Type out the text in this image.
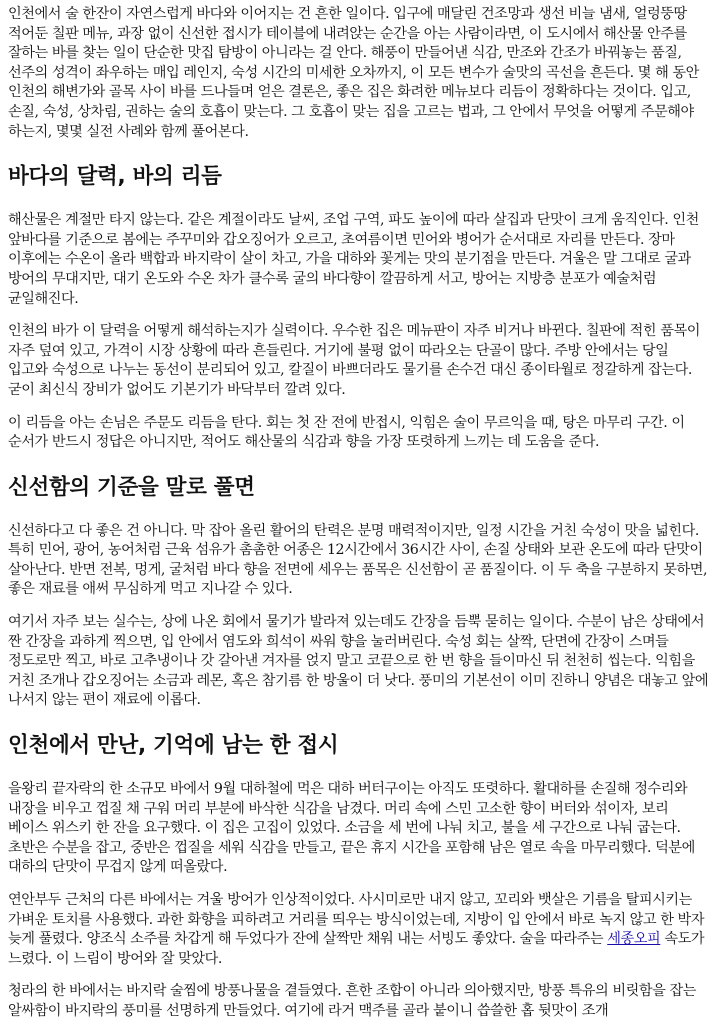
인천에서 술 한잔이 자연스럽게 바다와 이어지는 건 흔한 일이다. 입구에 매달린 건조망과 생선 비늘 냄새, 얼렁뚱땅 적어둔 칠판 메뉴, 과장 없이 신선한 접시가 테이블에 내려앉는 순간을 아는 사람이라면, 이 도시에서 해산물 안주를 잘하는 바를 찾는 일이 단순한 맛집 탐방이 아니라는 걸 안다. 해풍이 만들어낸 식감, 만조와 간조가 바꿔놓는 품질, 선주의 성격이 좌우하는 매입 레인지, 숙성 시간의 미세한 오차까지, 이 모든 변수가 술맛의 곡선을 흔든다. 몇 해 동안 인천의 해변가와 골목 사이 바를 드나들며 얻은 결론은, 좋은 집은 화려한 메뉴보다 리듬이 정확하다는 것이다. 입고, 손질, 숙성, 상차림, 권하는 술의 호흡이 맞는다. 그 호흡이 맞는 집을 고르는 법과, 그 안에서 무엇을 어떻게 주문해야 하는지, 몇몇 실전 사례와 함께 풀어본다.

바다의 달력, 바의 리듬

해산물은 계절만 타지 않는다. 같은 계절이라도 날씨, 조업 구역, 파도 높이에 따라 살집과 단맛이 크게 움직인다. 인천 앞바다를 기준으로 봄에는 주꾸미와 갑오징어가 오르고, 초여름이면 민어와 병어가 순서대로 자리를 만든다. 장마 이후에는 수온이 올라 백합과 바지락이 살이 차고, 가을 대하와 꽃게는 맛의 분기점을 만든다. 겨울은 말 그대로 굴과 방어의 무대지만, 대기 온도와 수온 차가 클수록 굴의 바다향이 깔끔하게 서고, 방어는 지방층 분포가 예술처럼 균일해진다.

인천의 바가 이 달력을 어떻게 해석하는지가 실력이다. 우수한 집은 메뉴판이 자주 비거나 바뀐다. 칠판에 적힌 품목이 자주 덮여 있고, 가격이 시장 상황에 따라 흔들린다. 거기에 불평 없이 따라오는 단골이 많다. 주방 안에서는 당일 입고와 숙성으로 나누는 동선이 분리되어 있고, 칼질이 바쁘더라도 물기를 손수건 대신 종이타월로 정갈하게 잡는다. 굳이 최신식 장비가 없어도 기본기가 바닥부터 깔려 있다.

이 리듬을 아는 손님은 주문도 리듬을 탄다. 회는 첫 잔 전에 반접시, 익힘은 술이 무르익을 때, 탕은 마무리 구간. 이 순서가 반드시 정답은 아니지만, 적어도 해산물의 식감과 향을 가장 또렷하게 느끼는 데 도움을 준다.

신선함의 기준을 말로 풀면

신선하다고 다 좋은 건 아니다. 막 잡아 올린 활어의 탄력은 분명 매력적이지만, 일정 시간을 거친 숙성이 맛을 넓힌다. 특히 민어, 광어, 농어처럼 근육 섬유가 촘촘한 어종은 12시간에서 36시간 사이, 손질 상태와 보관 온도에 따라 단맛이 살아난다. 반면 전복, 멍게, 굴처럼 바다 향을 전면에 세우는 품목은 신선함이 곧 품질이다. 이 두 축을 구분하지 못하면, 좋은 재료를 애써 무심하게 먹고 지나갈 수 있다.

여기서 자주 보는 실수는, 상에 나온 회에서 물기가 발라져 있는데도 간장을 듬뿍 묻히는 일이다. 수분이 남은 상태에서 짠 간장을 과하게 찍으면, 입 안에서 염도와 희석이 싸워 향을 눌러버린다. 숙성 회는 살짝, 단면에 간장이 스며들 정도로만 찍고, 바로 고추냉이나 갓 갈아낸 겨자를 얹지 말고 코끝으로 한 번 향을 들이마신 뒤 천천히 씹는다. 익힘을 거친 조개나 갑오징어는 소금과 레몬, 혹은 참기름 한 방울이 더 낫다. 풍미의 기본선이 이미 진하니 양념은 대놓고 앞에 나서지 않는 편이 재료에 이롭다.

인천에서 만난, 기억에 남는 한 접시

을왕리 끝자락의 한 소규모 바에서 9월 대하철에 먹은 대하 버터구이는 아직도 또렷하다. 활대하를 손질해 정수리와 내장을 비우고 껍질 채 구워 머리 부분에 바삭한 식감을 남겼다. 머리 속에 스민 고소한 향이 버터와 섞이자, 보리 베이스 위스키 한 잔을 요구했다. 이 집은 고집이 있었다. 소금을 세 번에 나눠 치고, 불을 세 구간으로 나눠 굽는다. 초반은 수분을 잡고, 중반은 껍질을 세워 식감을 만들고, 끝은 휴지 시간을 포함해 남은 열로 속을 마무리했다. 덕분에 대하의 단맛이 무겁지 않게 떠올랐다.

연안부두 근처의 다른 바에서는 겨울 방어가 인상적이었다. 사시미로만 내지 않고, 꼬리와 뱃살은 기름을 탈피시키는 가벼운 토치를 사용했다. 과한 화향을 피하려고 거리를 띄우는 방식이었는데, 지방이 입 안에서 바로 녹지 않고 한 박자 늦게 풀렸다. 양조식 소주를 차갑게 해 두었다가 잔에 살짝만 채워 내는 서빙도 좋았다. 술을 따라주는 세종오피 속도가 느렸다. 이 느림이 방어와 잘 맞았다.

청라의 한 바에서는 바지락 술찜에 방풍나물을 곁들였다. 흔한 조합이 아니라 의아했지만, 방풍 특유의 비릿함을 잡는 알싸함이 바지락의 풍미를 선명하게 만들었다. 여기에 라거 맥주를 골라 붙이니 씁쓸한 홉 뒷맛이 조개
